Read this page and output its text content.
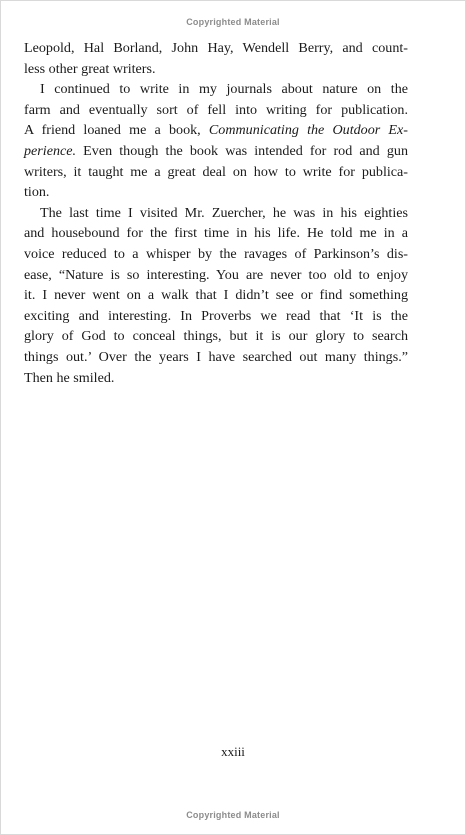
Copyrighted Material
Leopold, Hal Borland, John Hay, Wendell Berry, and count-
less other great writers.
I continued to write in my journals about nature on the
farm and eventually sort of fell into writing for publication.
A friend loaned me a book, Communicating the Outdoor Ex-
perience. Even though the book was intended for rod and gun
writers, it taught me a great deal on how to write for publica-
tion.
The last time I visited Mr. Zuercher, he was in his eighties
and housebound for the first time in his life. He told me in a
voice reduced to a whisper by the ravages of Parkinson’s dis-
ease, “Nature is so interesting. You are never too old to enjoy
it. I never went on a walk that I didn’t see or find something
exciting and interesting. In Proverbs we read that ‘It is the
glory of God to conceal things, but it is our glory to search
things out.’ Over the years I have searched out many things.”
Then he smiled.
xxiii
Copyrighted Material
